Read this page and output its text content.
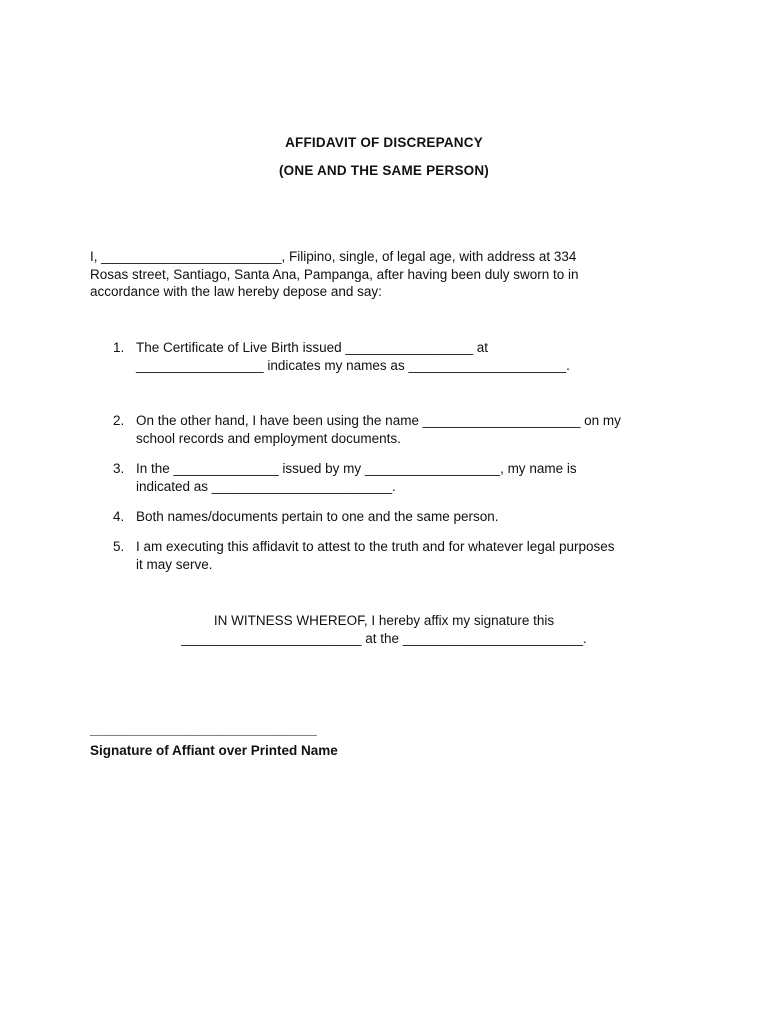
AFFIDAVIT OF DISCREPANCY
(ONE AND THE SAME PERSON)
I, ________________________, Filipino, single, of legal age, with address at 334
Rosas street, Santiago, Santa Ana, Pampanga, after having been duly sworn to in
accordance with the law hereby depose and say:
1. The Certificate of Live Birth issued _________________ at
_________________ indicates my names as _____________________.
2. On the other hand, I have been using the name _____________________ on my
school records and employment documents.
3. In the ______________ issued by my __________________, my name is
indicated as ________________________.
4. Both names/documents pertain to one and the same person.
5. I am executing this affidavit to attest to the truth and for whatever legal purposes
it may serve.
IN WITNESS WHEREOF, I hereby affix my signature this
________________________ at the ________________________.
_______________________________
Signature of Affiant over Printed Name
